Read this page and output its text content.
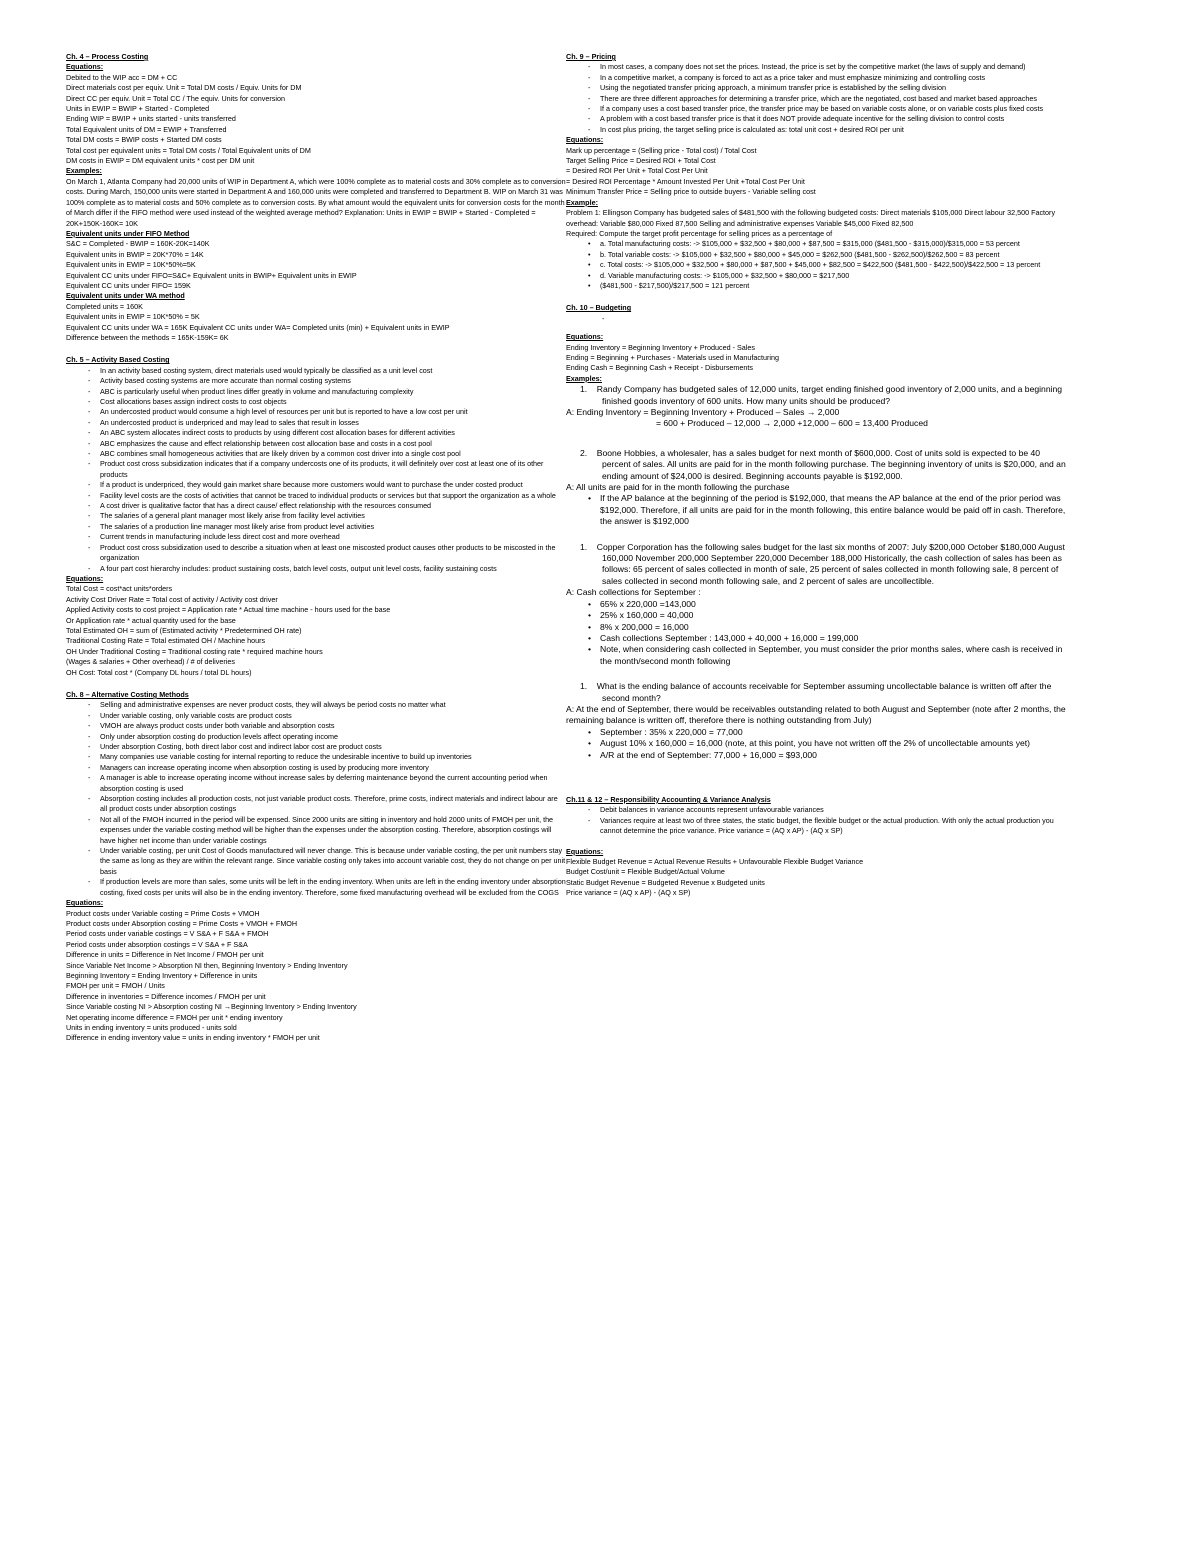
Ch. 4 – Process Costing
Equations:
Debited to the WIP acc = DM + CC
Direct materials cost per equiv. Unit = Total DM costs / Equiv. Units for DM
Direct CC per equiv. Unit = Total CC / The equiv. Units for conversion
Units in EWIP = BWIP + Started - Completed
Ending WIP = BWIP + units started - units transferred
Total Equivalent units of DM = EWIP + Transferred
Total DM costs = BWIP costs + Started DM costs
Total cost per equivalent units = Total DM costs / Total Equivalent units of DM
DM costs in EWIP = DM equivalent units * cost per DM unit
Examples:
On March 1, Atlanta Company had 20,000 units of WIP in Department A, which were 100% complete as to material costs and 30% complete as to conversion costs. During March, 150,000 units were started in Department A and 160,000 units were completed and transferred to Department B. WIP on March 31 was 100% complete as to material costs and 50% complete as to conversion costs. By what amount would the equivalent units for conversion costs for the month of March differ if the FIFO method were used instead of the weighted average method? Explanation: Units in EWIP = BWIP + Started - Completed = 20K+150K-160K= 10K
Equivalent units under FIFO Method
S&C = Completed - BWIP = 160K-20K=140K
Equivalent units in BWIP = 20K*70% = 14K
Equivalent units in EWIP = 10K*50%=5K
Equivalent CC units under FIFO=S&C+ Equivalent units in BWIP+ Equivalent units in EWIP
Equivalent CC units under FIFO= 159K
Equivalent units under WA method
Completed units = 160K
Equivalent units in EWIP = 10K*50% = 5K
Equivalent CC units under WA = 165K Equivalent CC units under WA= Completed units (min) + Equivalent units in EWIP
Difference between the methods = 165K-159K= 6K
Ch. 5 – Activity Based Costing
- In an activity based costing system, direct materials used would typically be classified as a unit level cost
- Activity based costing systems are more accurate than normal costing systems
- ABC is particularly useful when product lines differ greatly in volume and manufacturing complexity
- Cost allocations bases assign indirect costs to cost objects
- An undercosted product would consume a high level of resources per unit but is reported to have a low cost per unit
- An undercosted product is underpriced and may lead to sales that result in losses
- An ABC system allocates indirect costs to products by using different cost allocation bases for different activities
- ABC emphasizes the cause and effect relationship between cost allocation base and costs in a cost pool
- ABC combines small homogeneous activities that are likely driven by a common cost driver into a single cost pool
- Product cost cross subsidization indicates that if a company undercosts one of its products, it will definitely over cost at least one of its other products
- If a product is underpriced, they would gain market share because more customers would want to purchase the under costed product
- Facility level costs are the costs of activities that cannot be traced to individual products or services but that support the organization as a whole
- A cost driver is qualitative factor that has a direct cause/ effect relationship with the resources consumed
- The salaries of a general plant manager most likely arise from facility level activities
- The salaries of a production line manager most likely arise from product level activities
- Current trends in manufacturing include less direct cost and more overhead
- Product cost cross subsidization used to describe a situation when at least one miscosted product causes other products to be miscosted in the organization
- A four part cost hierarchy includes: product sustaining costs, batch level costs, output unit level costs, facility sustaining costs
Equations:
Total Cost = cost*act units*orders
Activity Cost Driver Rate = Total cost of activity / Activity cost driver
Applied Activity costs to cost project = Application rate * Actual time machine - hours used for the base
Or Application rate * actual quantity used for the base
Total Estimated OH = sum of (Estimated activity * Predetermined OH rate)
Traditional Costing Rate = Total estimated OH / Machine hours
OH Under Traditional Costing = Traditional costing rate * required machine hours
(Wages & salaries + Other overhead) / # of deliveries
OH Cost: Total cost * (Company DL hours / total DL hours)
Ch. 8 – Alternative Costing Methods
- Selling and administrative expenses are never product costs, they will always be period costs no matter what
- Under variable costing, only variable costs are product costs
- VMOH are always product costs under both variable and absorption costs
- Only under absorption costing do production levels affect operating income
- Under absorption Costing, both direct labor cost and indirect labor cost are product costs
- Many companies use variable costing for internal reporting to reduce the undesirable incentive to build up inventories
- Managers can increase operating income when absorption costing is used by producing more inventory
- A manager is able to increase operating income without increase sales by deferring maintenance beyond the current accounting period when absorption costing is used
- Absorption costing includes all production costs, not just variable product costs. Therefore, prime costs, indirect materials and indirect labour are all product costs under absorption costings
- Not all of the FMOH incurred in the period will be expensed. Since 2000 units are sitting in inventory and hold 2000 units of FMOH per unit, the expenses under the variable costing method will be higher than the expenses under the absorption costing. Therefore, absorption costings will have higher net income than under variable costings
- Under variable costing, per unit Cost of Goods manufactured will never change. This is because under variable costing, the per unit numbers stay the same as long as they are within the relevant range. Since variable costing only takes into account variable cost, they do not change on per unit basis
- If production levels are more than sales, some units will be left in the ending inventory. When units are left in the ending inventory under absorption costing, fixed costs per units will also be in the ending inventory. Therefore, some fixed manufacturing overhead will be excluded from the COGS
Equations:
Product costs under Variable costing = Prime Costs + VMOH
Product costs under Absorption costing = Prime Costs + VMOH + FMOH
Period costs under variable costings = V S&A + F S&A + FMOH
Period costs under absorption costings = V S&A + F S&A
Difference in units = Difference in Net Income / FMOH per unit
Since Variable Net Income > Absorption NI then, Beginning Inventory > Ending Inventory
Beginning Inventory = Ending Inventory + Difference in units
FMOH per unit = FMOH / Units
Difference in inventories = Difference incomes / FMOH per unit
Since Variable costing NI > Absorption costing NI →Beginning Inventory > Ending Inventory
Net operating income difference = FMOH per unit * ending inventory
Units in ending inventory = units produced - units sold
Difference in ending inventory value = units in ending inventory * FMOH per unit
Ch. 9 – Pricing
- In most cases, a company does not set the prices. Instead, the price is set by the competitive market (the laws of supply and demand)
- In a competitive market, a company is forced to act as a price taker and must emphasize minimizing and controlling costs
- Using the negotiated transfer pricing approach, a minimum transfer price is established by the selling division
- There are three different approaches for determining a transfer price, which are the negotiated, cost based and market based approaches
- If a company uses a cost based transfer price, the transfer price may be based on variable costs alone, or on variable costs plus fixed costs
- A problem with a cost based transfer price is that it does NOT provide adequate incentive for the selling division to control costs
- In cost plus pricing, the target selling price is calculated as: total unit cost + desired ROI per unit
Equations:
Mark up percentage = (Selling price - Total cost) / Total Cost
Target Selling Price = Desired ROI + Total Cost
= Desired ROI Per Unit + Total Cost Per Unit
= Desired ROI Percentage * Amount Invested Per Unit +Total Cost Per Unit
Minimum Transfer Price = Selling price to outside buyers - Variable selling cost
Example:
Problem 1: Ellingson Company has budgeted sales of $481,500 with the following budgeted costs: Direct materials $105,000 Direct labour 32,500 Factory overhead: Variable $80,000 Fixed 87,500 Selling and administrative expenses Variable $45,000 Fixed 82,500
Required: Compute the target profit percentage for selling prices as a percentage of
• a. Total manufacturing costs: -> $105,000 + $32,500 + $80,000 + $87,500 = $315,000 ($481,500 - $315,000)/$315,000 = 53 percent
• b. Total variable costs: -> $105,000 + $32,500 + $80,000 + $45,000 = $262,500 ($481,500 - $262,500)/$262,500 = 83 percent
• c. Total costs: -> $105,000 + $32,500 + $80,000 + $87,500 + $45,000 + $82,500 = $422,500 ($481,500 - $422,500)/$422,500 = 13 percent
• d. Variable manufacturing costs: -> $105,000 + $32,500 + $80,000 = $217,500
• ($481,500 - $217,500)/$217,500 = 121 percent
Ch. 10 – Budgeting
-
Equations:
Ending Inventory = Beginning Inventory + Produced - Sales
Ending = Beginning + Purchases - Materials used in Manufacturing
Ending Cash = Beginning Cash + Receipt - Disbursements
Examples:
1. Randy Company has budgeted sales of 12,000 units, target ending finished good inventory of 2,000 units, and a beginning finished goods inventory of 600 units. How many units should be produced?
A: Ending Inventory = Beginning Inventory + Produced – Sales → 2,000
= 600 + Produced – 12,000 → 2,000 +12,000 – 600 = 13,400 Produced
2. Boone Hobbies, a wholesaler, has a sales budget for next month of $600,000. Cost of units sold is expected to be 40 percent of sales. All units are paid for in the month following purchase. The beginning inventory of units is $20,000, and an ending amount of $24,000 is desired. Beginning accounts payable is $192,000.
A: All units are paid for in the month following the purchase
• If the AP balance at the beginning of the period is $192,000, that means the AP balance at the end of the prior period was $192,000. Therefore, if all units are paid for in the month following, this entire balance would be paid off in cash. Therefore, the answer is $192,000
1. Copper Corporation has the following sales budget for the last six months of 2007: July $200,000 October $180,000 August 160,000 November 200,000 September 220,000 December 188,000 Historically, the cash collection of sales has been as follows: 65 percent of sales collected in month of sale, 25 percent of sales collected in month following sale, 8 percent of sales collected in second month following sale, and 2 percent of sales are uncollectible.
A: Cash collections for September :
• 65% x 220,000 =143,000
• 25% x 160,000 = 40,000
• 8% x 200,000 = 16,000
• Cash collections September : 143,000 + 40,000 + 16,000 = 199,000
• Note, when considering cash collected in September, you must consider the prior months sales, where cash is received in the month/second month following
1. What is the ending balance of accounts receivable for September assuming uncollectable balance is written off after the second month?
A: At the end of September, there would be receivables outstanding related to both August and September (note after 2 months, the remaining balance is written off, therefore there is nothing outstanding from July)
• September : 35% x 220,000 = 77,000
• August 10% x 160,000 = 16,000 (note, at this point, you have not written off the 2% of uncollectable amounts yet)
• A/R at the end of September: 77,000 + 16,000 = $93,000
Ch.11 & 12 – Responsibility Accounting & Variance Analysis
- Debit balances in variance accounts represent unfavourable variances
- Variances require at least two of three states, the static budget, the flexible budget or the actual production. With only the actual production you cannot determine the price variance. Price variance = (AQ x AP) - (AQ x SP)
Equations:
Flexible Budget Revenue = Actual Revenue Results + Unfavourable Flexible Budget Variance
Budget Cost/unit = Flexible Budget/Actual Volume
Static Budget Revenue = Budgeted Revenue x Budgeted units
Price variance = (AQ x AP) - (AQ x SP)
